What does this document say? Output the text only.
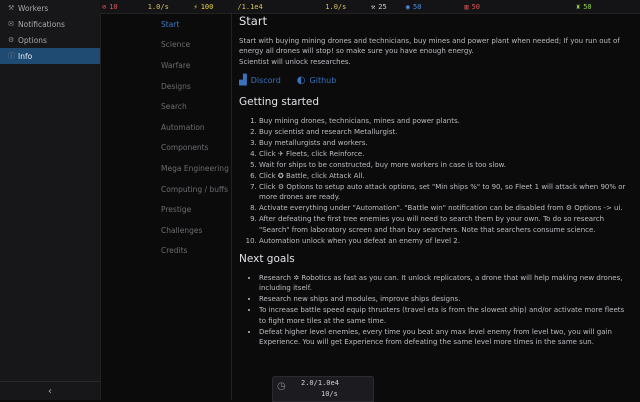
⚒ Workers
✉ Notifications
⚙ Options
ⓘ Info
‹
⊘ 10	1.0/s	⚡ 100	/1.1e4	1.0/s	⚒ 25	◉ 50	▥ 50	♜ 50
Start
Science
Warfare
Designs
Search
Automation
Components
Mega Engineering
Computing / buffs
Prestige
Challenges
Credits
Start

Start with buying mining drones and technicians, buy mines and power plant when needed; If you run out of energy all drones will stop! so make sure you have enough energy.

Scientist will unlock researches.

▟ Discord ◐ Github
Getting started
1. Buy mining drones, technicians, mines and power plants.
2. Buy scientist and research Metallurgist.
3. Buy metallurgists and workers.
4. Click ✈ Fleets, click Reinforce.
5. Wait for ships to be constructed, buy more workers in case is too slow.
6. Click ✪ Battle, click Attack All.
7. Click ⚙ Options to setup auto attack options, set "Min ships %" to 90, so Fleet 1 will attack when 90% or more drones are ready.
8. Activate everything under "Automation". "Battle win" notification can be disabled from ⚙ Options -> ui.
9. After defeating the first tree enemies you will need to search them by your own. To do so research "Search" from laboratory screen and than buy searchers. Note that searchers consume science.
10. Automation unlock when you defeat an enemy of level 2.
Next goals
• Research ✲ Robotics as fast as you can. It unlock replicators, a drone that will help making new drones, including itself.
• Research new ships and modules, improve ships designs.
• To increase battle speed equip thrusters (travel eta is from the slowest ship) and/or activate more fleets to fight more tiles at the same time.
• Defeat higher level enemies, every time you beat any max level enemy from level two, you will gain Experience. You will get Experience from defeating the same level more times in the same sun.
◷ 2.0/1.0e4
10/s
